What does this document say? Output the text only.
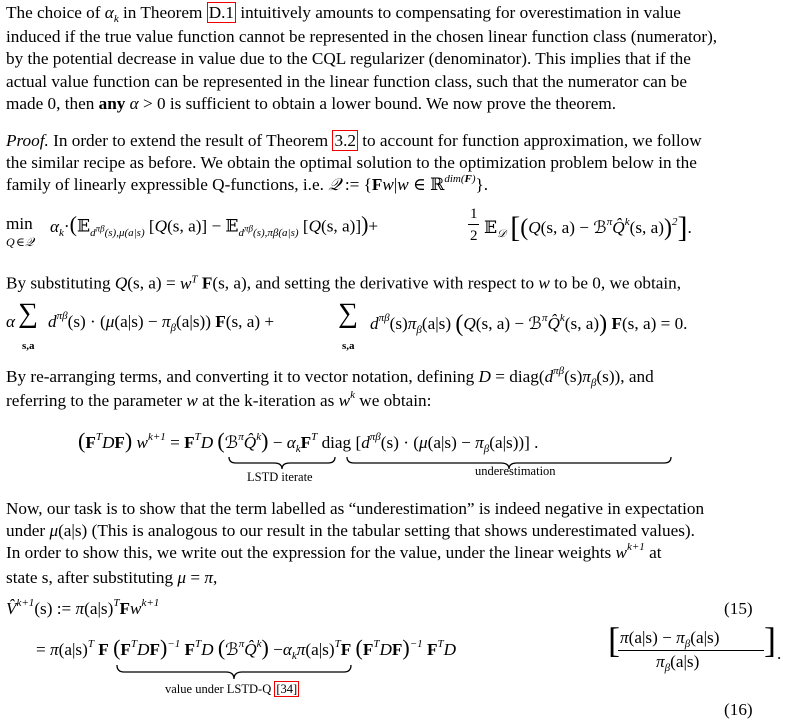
The choice of $\alpha_k$ in Theorem D.1 intuitively amounts to compensating for overestimation in value
induced if the true value function cannot be represented in the chosen linear function class (numerator),
by the potential decrease in value due to the CQL regularizer (denominator). This implies that if the
actual value function can be represented in the linear function class, such that the numerator can be
made 0, then any α > 0 is sufficient to obtain a lower bound. We now prove the theorem.
Proof. In order to extend the result of Theorem 3.2 to account for function approximation, we follow
the similar recipe as before. We obtain the optimal solution to the optimization problem below in the
family of linearly expressible Q-functions, i.e. 𝒬 := {Fw|w ∈ ℝ$^{dim(F)}$}.
min
Q ∈ 𝒬
$\alpha_k\cdot(𝔼_{d^{\pi\beta}(s),\mu(a|s)}$ [Q(s, a)] − 𝔼$_{d^{\pi\beta}(s),\pi\beta(a|s)}$ [Q(s, a)])+
1
2 𝔼$_𝒟$ [(Q(s, a) − ℬ$^\pi$Q̂$^k$(s, a))$^2$].
By substituting Q(s, $a) = w^T$ F(s, a), and setting the derivative with respect to w to be 0, we obtain,
α ∑
s,a
$d^{\pi\beta}(s) \cdot (\mu(a|s) - \pi_\beta(a|s))$ F(s, a) + ∑
s,a
$d^{\pi\beta}(s)\pi_\beta(a|s)$ (Q(s, a) − ℬ$^\pi$Q̂$^k$(s, a)) F(s, a) = 0.
By re-arranging terms, and converting it to vector notation, defining $D = diag(d^{\pi\beta}(s)\pi_\beta(s))$, and
referring to the parameter w at the k-iteration as $w^k$ we obtain:
$(F^TDF) w^{k+1} = F^TD$ (ℬ$^\pi$Q̂$^k$) − $\alpha_kF^T$ diag $[d^{\pi\beta}(s) \cdot (\mu(a|s) - \pi_\beta(a|s))]$ .
LSTD iterate	underestimation
Now, our task is to show that the term labelled as “underestimation” is indeed negative in expectation
under μ(a|s) (This is analogous to our result in the tabular setting that shows underestimated values).
In order to show this, we write out the expression for the value, under the linear weights $w^{k+1}$ at
state s, after substituting μ = π,
V̂$^{k+1}$(s) := $\pi(a|s)^TFw^{k+1}$	(15)
= $\pi(a|s)^T$ F $(F^TDF)^{-1}$ $F^TD$ (ℬ$^\pi$Q̂$^k$) $-\alpha_k\pi(a|s)^TF$ $(F^TDF)^{-1}$ $F^TD$	[ $\pi(a|s) - \pi_\beta(a|s)$
$\pi_\beta(a|s)$
] .
value under LSTD-Q [34]
(16)
